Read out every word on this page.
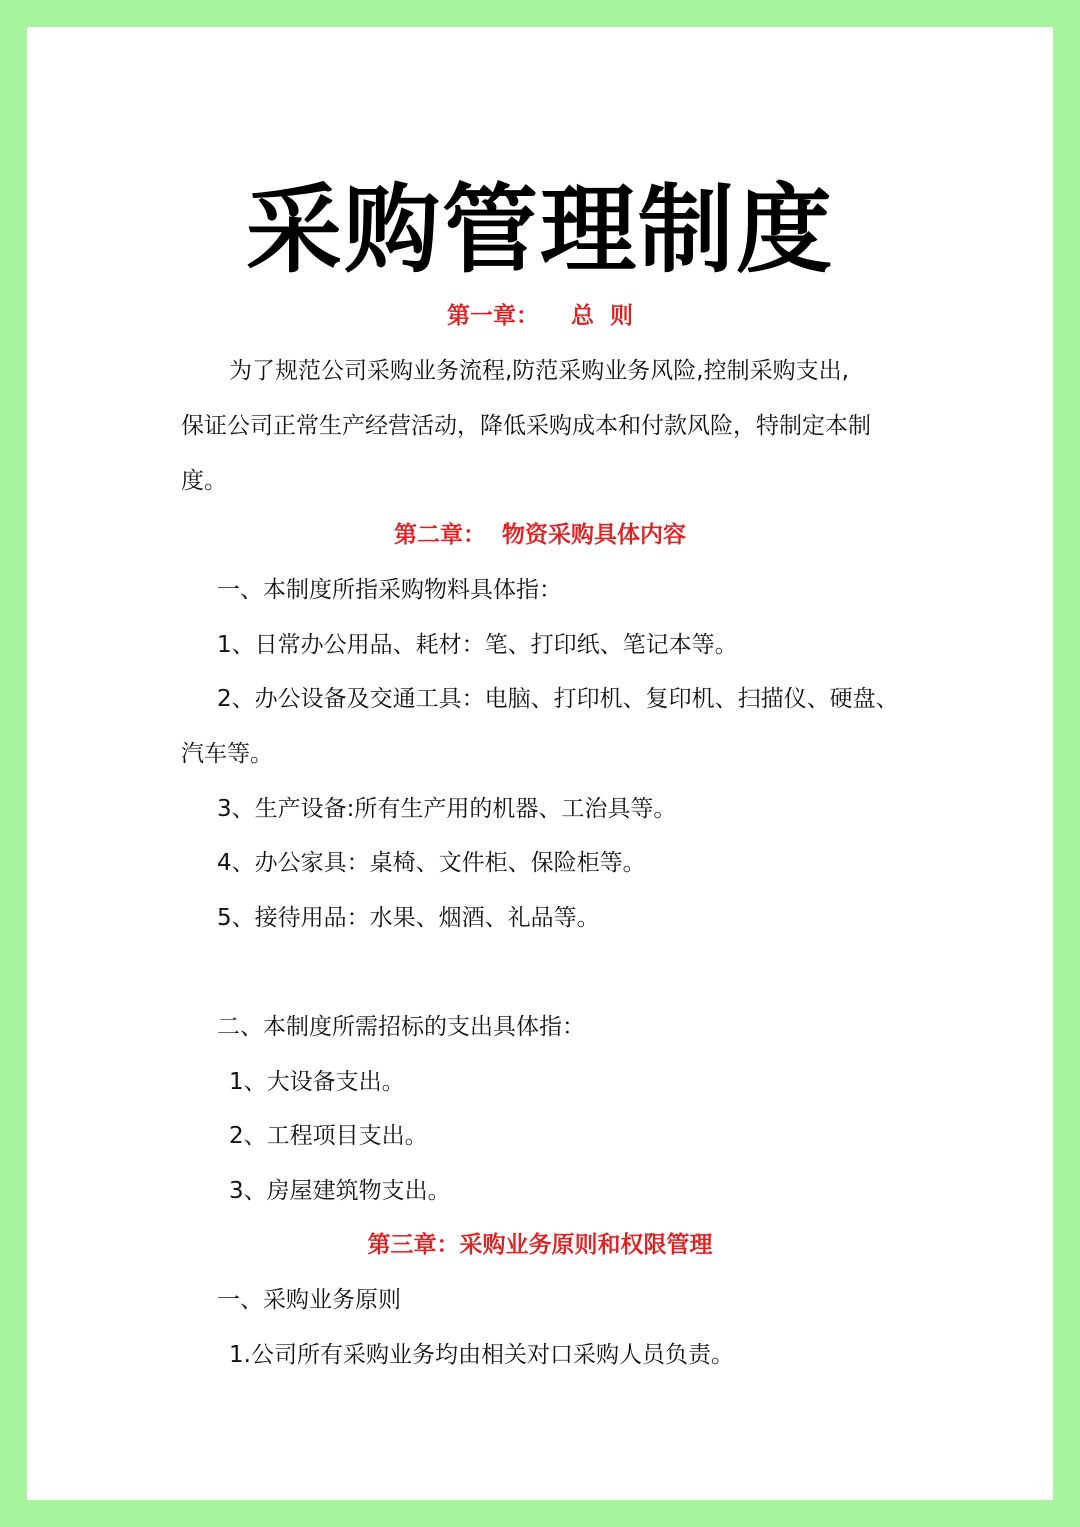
采购管理制度
第一章：    总  则
为了规范公司采购业务流程,防范采购业务风险,控制采购支出,
保证公司正常生产经营活动，降低采购成本和付款风险，特制定本制
度。
第二章：  物资采购具体内容
一、本制度所指采购物料具体指：
1、日常办公用品、耗材：笔、打印纸、笔记本等。
2、办公设备及交通工具：电脑、打印机、复印机、扫描仪、硬盘、
汽车等。
3、生产设备:所有生产用的机器、工治具等。
4、办公家具：桌椅、文件柜、保险柜等。
5、接待用品：水果、烟酒、礼品等。
二、本制度所需招标的支出具体指：
1、大设备支出。
2、工程项目支出。
3、房屋建筑物支出。
第三章：采购业务原则和权限管理
一、采购业务原则
1.公司所有采购业务均由相关对口采购人员负责。
